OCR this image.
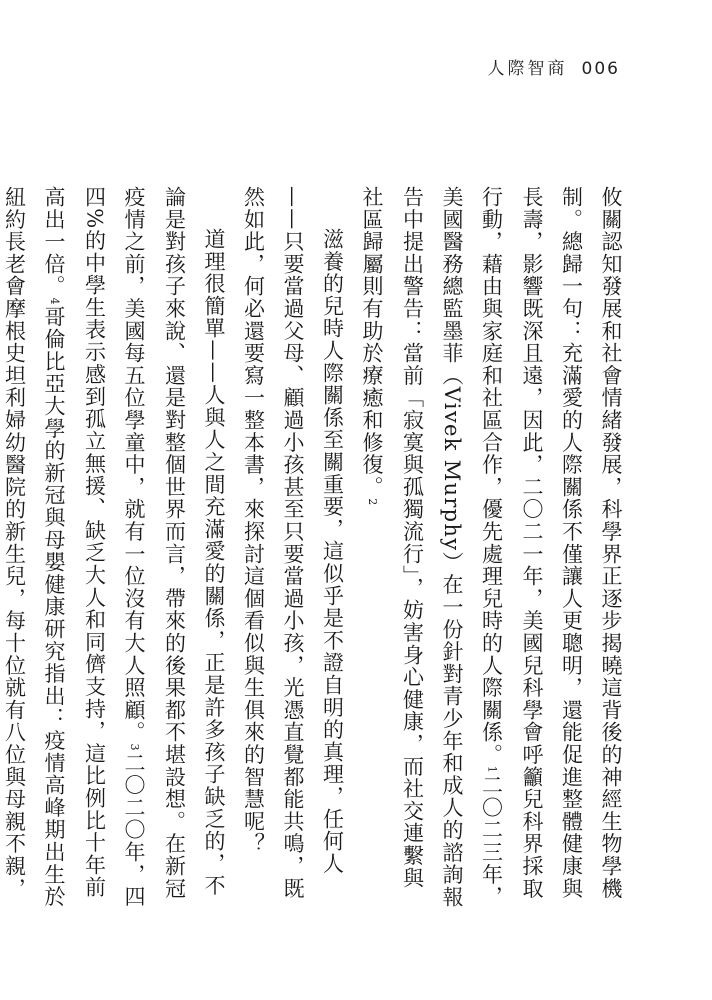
人際智商 006

攸關認知發展和社會情緒發展，科學界正逐步揭曉這背後的神經生物學機制。總歸一句：充滿愛的人際關係不僅讓人更聰明，還能促進整體健康與長壽，影響既深且遠，因此，二〇二一年，美國兒科學會呼籲兒科界採取行動，藉由與家庭和社區合作，優先處理兒時的人際關係。1二〇二三年，美國醫務總監墨菲（Vivek Murphy）在一份針對青少年和成人的諮詢報告中提出警告：當前「寂寞與孤獨流行」，妨害身心健康，而社交連繫與社區歸屬則有助於療癒和修復。2

滋養的兒時人際關係至關重要，這似乎是不證自明的真理，任何人——只要當過父母、顧過小孩甚至只要當過小孩，光憑直覺都能共鳴，既然如此，何必還要寫一整本書，來探討這個看似與生俱來的智慧呢？

道理很簡單——人與人之間充滿愛的關係，正是許多孩子缺乏的，不論是對孩子來說、還是對整個世界而言，帶來的後果都不堪設想。在新冠疫情之前，美國每五位學童中，就有一位沒有大人照顧。3二〇二〇年，四四%的中學生表示感到孤立無援、缺乏大人和同儕支持，這比例比十年前高出一倍。4哥倫比亞大學的新冠與母嬰健康研究指出：疫情高峰期出生於紐約長老會摩根史坦利婦幼醫院的新生兒，每十位就有八位與母親不親，
